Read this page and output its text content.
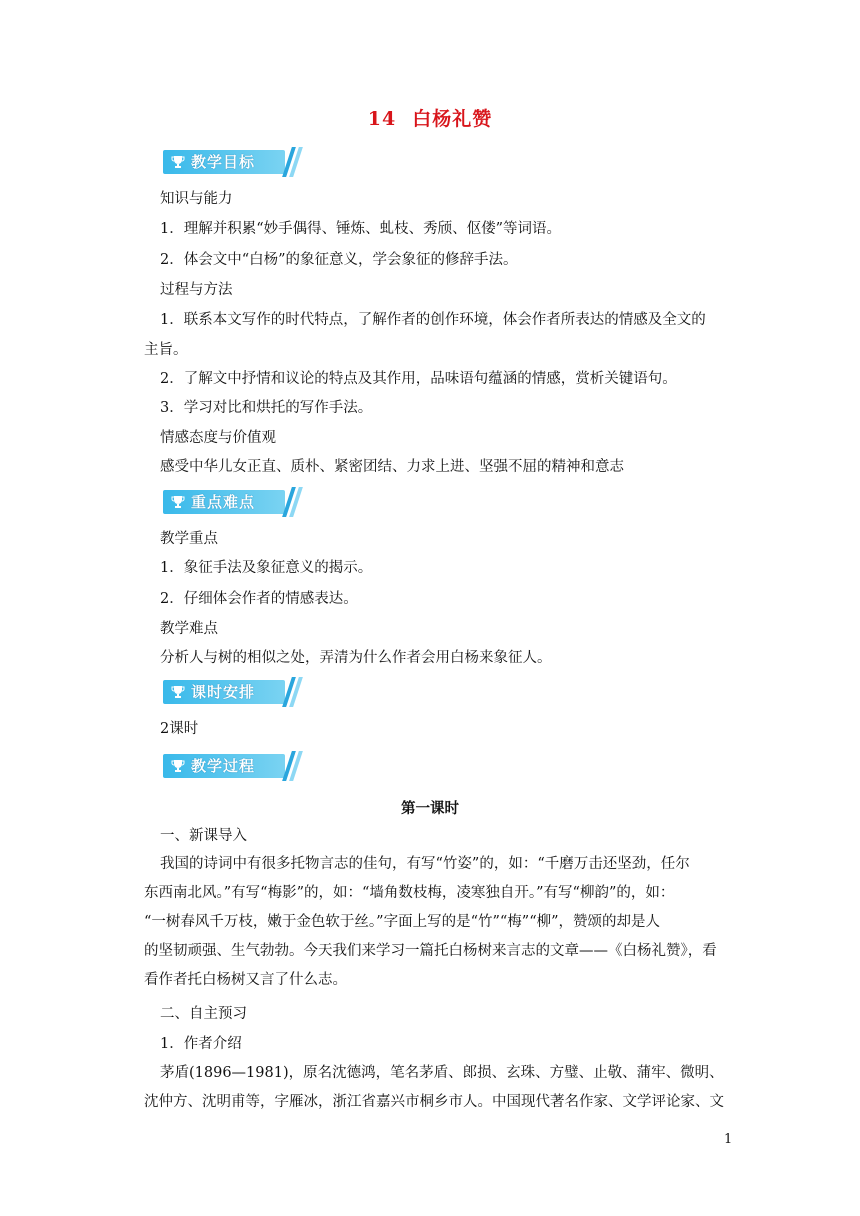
14 白杨礼赞
教学目标
知识与能力
1．理解并积累“妙手偶得、锤炼、虬枝、秀颀、伛偻”等词语。
2．体会文中“白杨”的象征意义，学会象征的修辞手法。
过程与方法
1．联系本文写作的时代特点，了解作者的创作环境，体会作者所表达的情感及全文的
主旨。
2．了解文中抒情和议论的特点及其作用，品味语句蕴涵的情感，赏析关键语句。
3．学习对比和烘托的写作手法。
情感态度与价值观
感受中华儿女正直、质朴、紧密团结、力求上进、坚强不屈的精神和意志
重点难点
教学重点
1．象征手法及象征意义的揭示。
2．仔细体会作者的情感表达。
教学难点
分析人与树的相似之处，弄清为什么作者会用白杨来象征人。
课时安排
2课时
教学过程
第一课时
一、新课导入
我国的诗词中有很多托物言志的佳句，有写“竹姿”的，如：“千磨万击还坚劲，任尔
东西南北风。”有写“梅影”的，如：“墙角数枝梅，凌寒独自开。”有写“柳韵”的，如：
“一树春风千万枝，嫩于金色软于丝。”字面上写的是“竹”“梅”“柳”，赞颂的却是人
的坚韧顽强、生气勃勃。今天我们来学习一篇托白杨树来言志的文章——《白杨礼赞》，看
看作者托白杨树又言了什么志。
二、自主预习
1．作者介绍
茅盾(1896—1981)，原名沈德鸿，笔名茅盾、郎损、玄珠、方璧、止敬、蒲牢、微明、
沈仲方、沈明甫等，字雁冰，浙江省嘉兴市桐乡市人。中国现代著名作家、文学评论家、文
1
